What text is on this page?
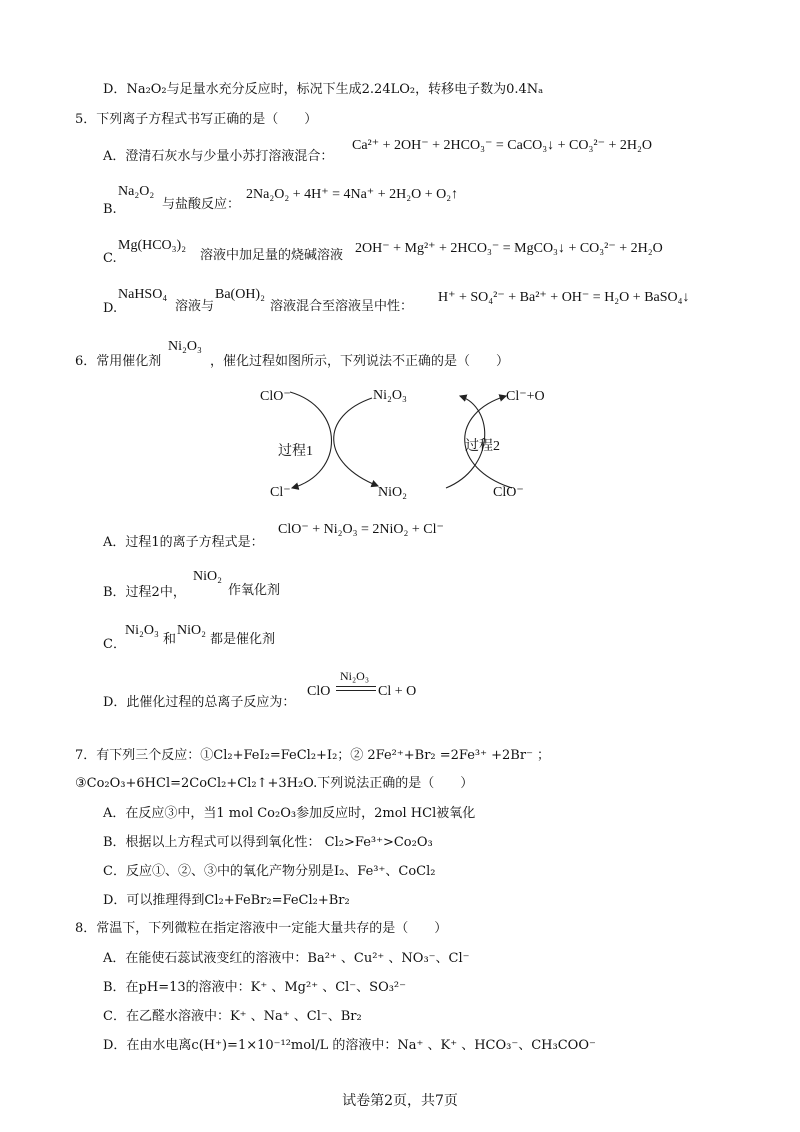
D．Na₂O₂与足量水充分反应时，标况下生成2.24LO₂，转移电子数为0.4Nₐ
5．下列离子方程式书写正确的是（　　）
A．澄清石灰水与少量小苏打溶液混合：
Ca²⁺ + 2OH⁻ + 2HCO₃⁻ = CaCO₃↓ + CO₃²⁻ + 2H₂O
B.
Na₂O₂
与盐酸反应：
2Na₂O₂ + 4H⁺ = 4Na⁺ + 2H₂O + O₂↑
C.
Mg(HCO₃)₂
溶液中加足量的烧碱溶液 2OH⁻ + Mg²⁺ + 2HCO₃⁻ = MgCO₃↓ + CO₃²⁻ + 2H₂O
D.
NaHSO₄
溶液与
Ba(OH)₂
溶液混合至溶液呈中性：
H⁺ + SO₄²⁻ + Ba²⁺ + OH⁻ = H₂O + BaSO₄↓
6．常用催化剂
Ni₂O₃
，催化过程如图所示，下列说法不正确的是（　　）
ClO⁻	Ni₂O₃	Cl⁻+O
过程1	过程2
Cl⁻	NiO₂	ClO⁻
A．过程1的离子方程式是：
ClO⁻ + Ni₂O₃ = 2NiO₂ + Cl⁻
B．过程2中，
NiO₂
作氧化剂
C．
Ni₂O₃
和
NiO₂
都是催化剂
D．此催化过程的总离子反应为：
ClO
Ni₂O₃
Cl + O
7．有下列三个反应：①Cl₂+FeI₂=FeCl₂+I₂；② 2Fe²⁺+Br₂ =2Fe³⁺ +2Br⁻ ；
③Co₂O₃+6HCl=2CoCl₂+Cl₂↑+3H₂O.下列说法正确的是（　　）
A．在反应③中，当1 mol Co₂O₃参加反应时，2mol HCl被氧化
B．根据以上方程式可以得到氧化性： Cl₂>Fe³⁺>Co₂O₃
C．反应①、②、③中的氧化产物分别是I₂、Fe³⁺、CoCl₂
D．可以推理得到Cl₂+FeBr₂=FeCl₂+Br₂
8．常温下，下列微粒在指定溶液中一定能大量共存的是（　　）
A．在能使石蕊试液变红的溶液中：Ba²⁺ 、Cu²⁺ 、NO₃⁻、Cl⁻
B．在pH=13的溶液中：K⁺ 、Mg²⁺ 、Cl⁻、SO₃²⁻
C．在乙醛水溶液中：K⁺ 、Na⁺ 、Cl⁻、Br₂
D．在由水电离c(H⁺)=1×10⁻¹²mol/L 的溶液中：Na⁺ 、K⁺ 、HCO₃⁻、CH₃COO⁻
试卷第2页，共7页
